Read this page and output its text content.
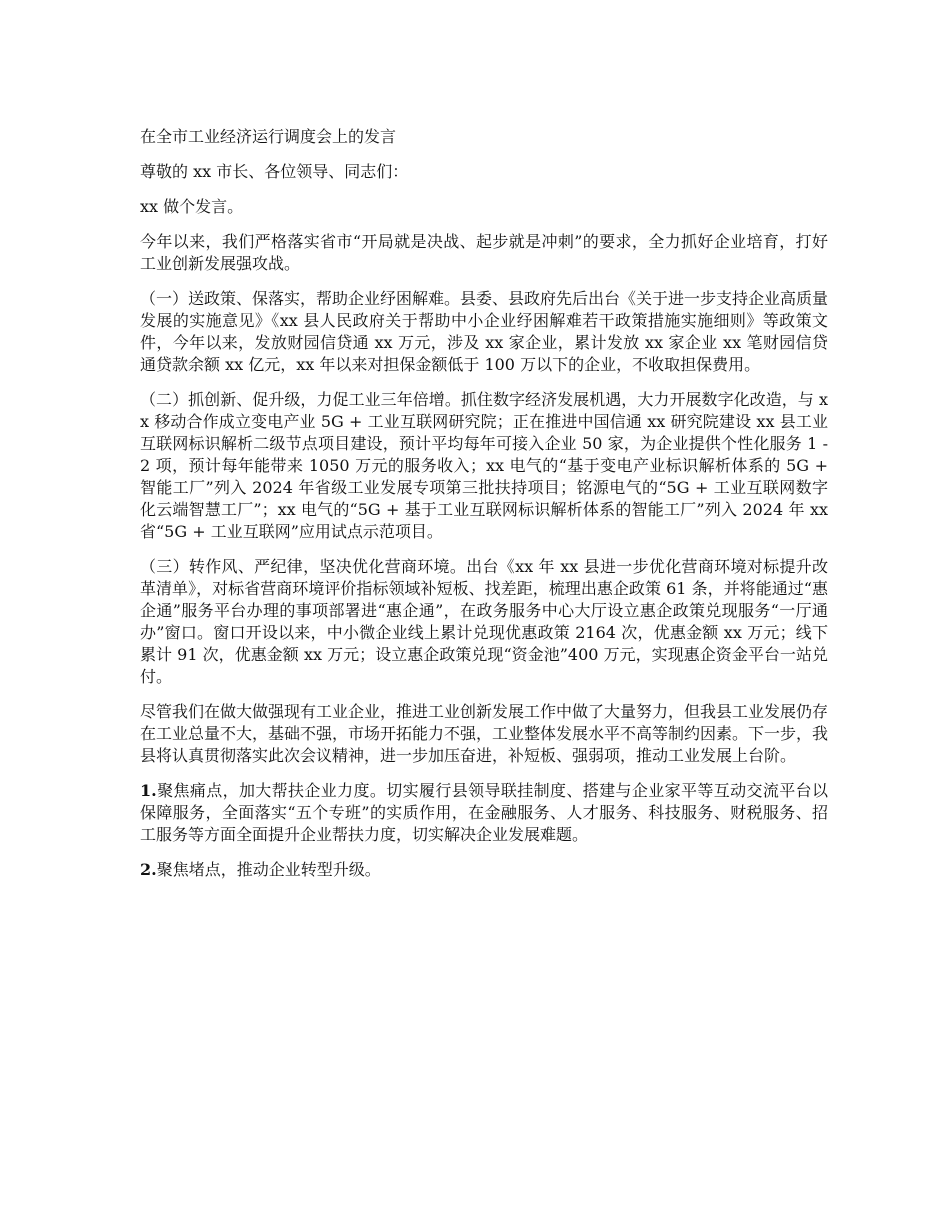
在全市工业经济运行调度会上的发言

尊敬的 xx 市长、各位领导、同志们：

xx 做个发言。

今年以来，我们严格落实省市“开局就是决战、起步就是冲刺”的要求，全力抓好企业培育，打好工业创新发展强攻战。

（一）送政策、保落实，帮助企业纾困解难。县委、县政府先后出台《关于进一步支持企业高质量发展的实施意见》《xx 县人民政府关于帮助中小企业纾困解难若干政策措施实施细则》等政策文件，今年以来，发放财园信贷通 xx 万元，涉及 xx 家企业，累计发放 xx 家企业 xx 笔财园信贷通贷款余额 xx 亿元，xx 年以来对担保金额低于 100 万以下的企业，不收取担保费用。

（二）抓创新、促升级，力促工业三年倍增。抓住数字经济发展机遇，大力开展数字化改造，与 xx 移动合作成立变电产业 5G + 工业互联网研究院；正在推进中国信通 xx 研究院建设 xx 县工业互联网标识解析二级节点项目建设，预计平均每年可接入企业 50 家，为企业提供个性化服务 1 - 2 项，预计每年能带来 1050 万元的服务收入；xx 电气的“基于变电产业标识解析体系的 5G + 智能工厂”列入 2024 年省级工业发展专项第三批扶持项目；铭源电气的“5G + 工业互联网数字化云端智慧工厂”；xx 电气的“5G + 基于工业互联网标识解析体系的智能工厂”列入 2024 年 xx 省“5G + 工业互联网”应用试点示范项目。

（三）转作风、严纪律，坚决优化营商环境。出台《xx 年 xx 县进一步优化营商环境对标提升改革清单》，对标省营商环境评价指标领域补短板、找差距，梳理出惠企政策 61 条，并将能通过“惠企通”服务平台办理的事项部署进“惠企通”，在政务服务中心大厅设立惠企政策兑现服务“一厅通办”窗口。窗口开设以来，中小微企业线上累计兑现优惠政策 2164 次，优惠金额 xx 万元；线下累计 91 次，优惠金额 xx 万元；设立惠企政策兑现“资金池”400 万元，实现惠企资金平台一站兑付。

尽管我们在做大做强现有工业企业，推进工业创新发展工作中做了大量努力，但我县工业发展仍存在工业总量不大，基础不强，市场开拓能力不强，工业整体发展水平不高等制约因素。下一步，我县将认真贯彻落实此次会议精神，进一步加压奋进，补短板、强弱项，推动工业发展上台阶。

1.聚焦痛点，加大帮扶企业力度。切实履行县领导联挂制度、搭建与企业家平等互动交流平台以保障服务，全面落实“五个专班”的实质作用，在金融服务、人才服务、科技服务、财税服务、招工服务等方面全面提升企业帮扶力度，切实解决企业发展难题。

2.聚焦堵点，推动企业转型升级。
